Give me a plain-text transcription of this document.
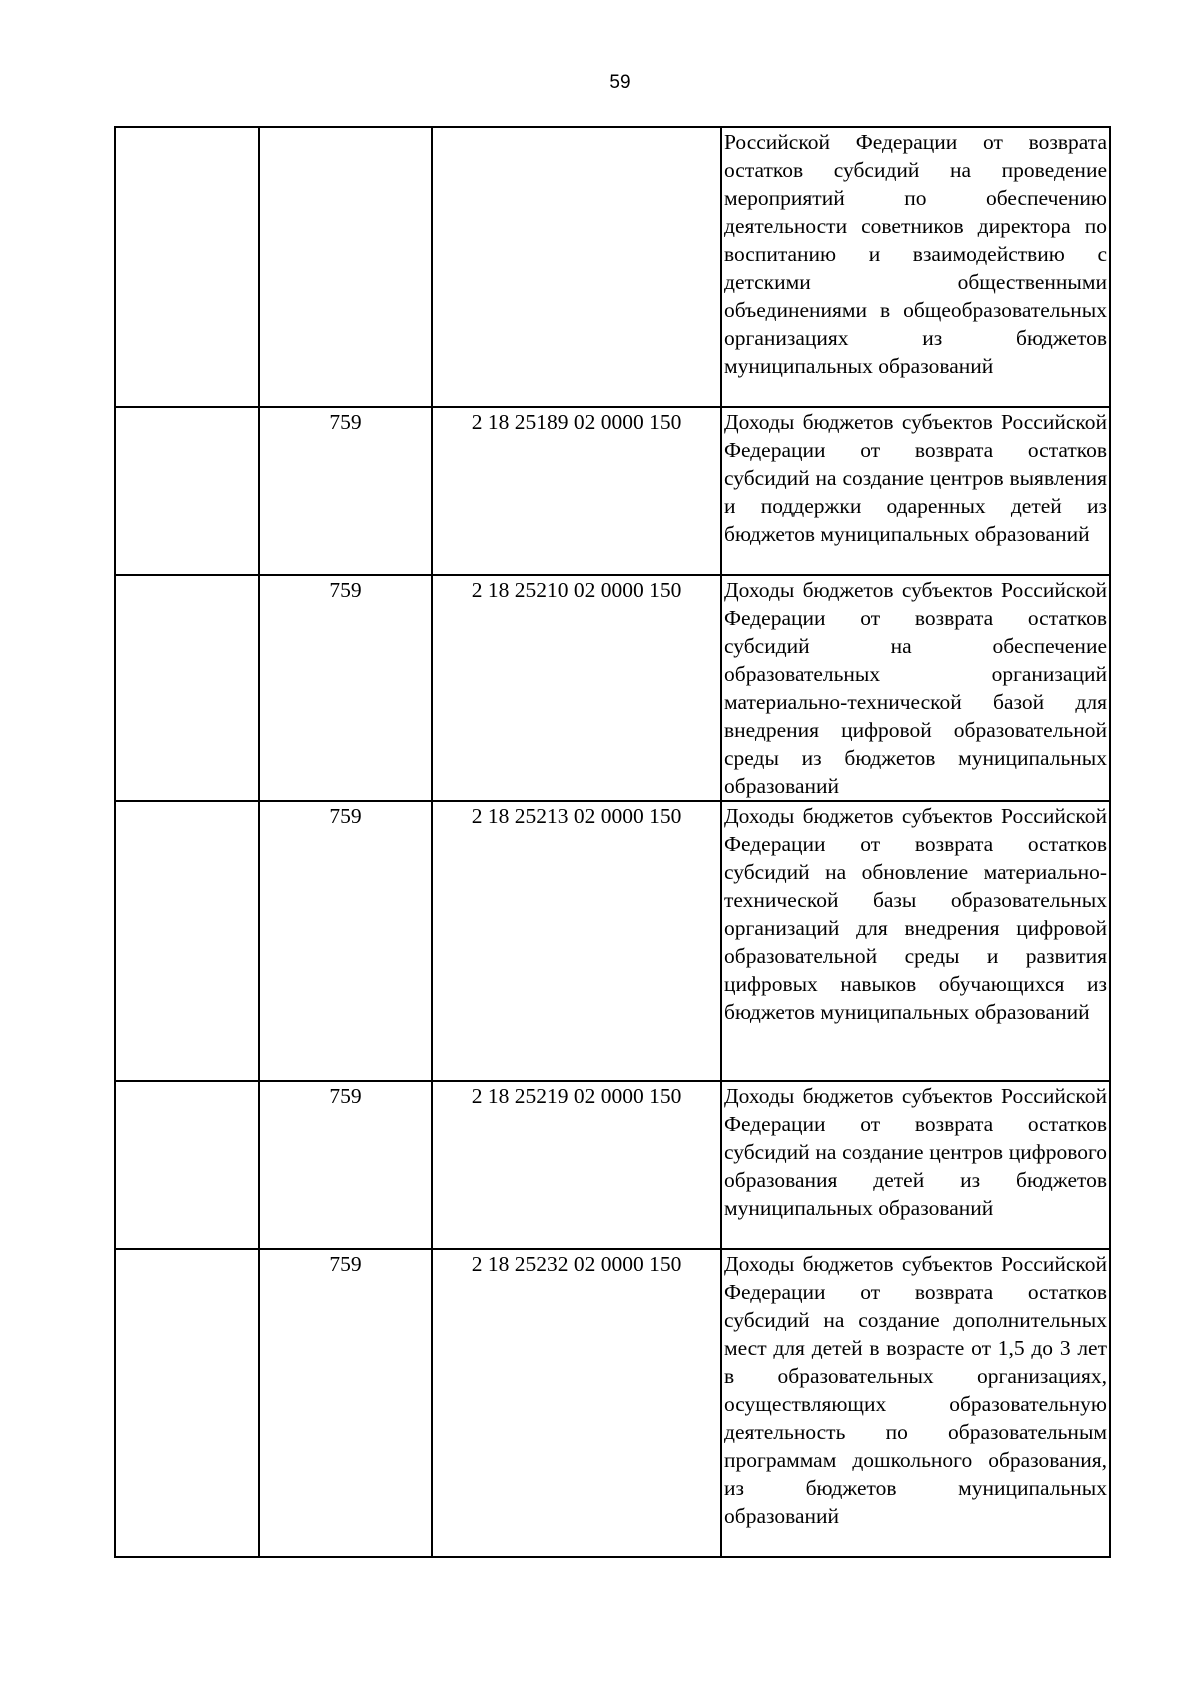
59
			Российской Федерации от возврата остатков субсидий на проведение мероприятий по обеспечению деятельности советников директора по воспитанию и взаимодействию с детскими общественными объединениями в общеобразовательных организациях из бюджетов муниципальных образований
	759	2 18 25189 02 0000 150	Доходы бюджетов субъектов Российской Федерации от возврата остатков субсидий на создание центров выявления и поддержки одаренных детей из бюджетов муниципальных образований
	759	2 18 25210 02 0000 150	Доходы бюджетов субъектов Российской Федерации от возврата остатков субсидий на обеспечение образовательных организаций материально-технической базой для внедрения цифровой образовательной среды из бюджетов муниципальных образований
	759	2 18 25213 02 0000 150	Доходы бюджетов субъектов Российской Федерации от возврата остатков субсидий на обновление материально-технической базы образовательных организаций для внедрения цифровой образовательной среды и развития цифровых навыков обучающихся из бюджетов муниципальных образований
	759	2 18 25219 02 0000 150	Доходы бюджетов субъектов Российской Федерации от возврата остатков субсидий на создание центров цифрового образования детей из бюджетов муниципальных образований
	759	2 18 25232 02 0000 150	Доходы бюджетов субъектов Российской Федерации от возврата остатков субсидий на создание дополнительных мест для детей в возрасте от 1,5 до 3 лет в образовательных организациях, осуществляющих образовательную деятельность по образовательным программам дошкольного образования, из бюджетов муниципальных образований
